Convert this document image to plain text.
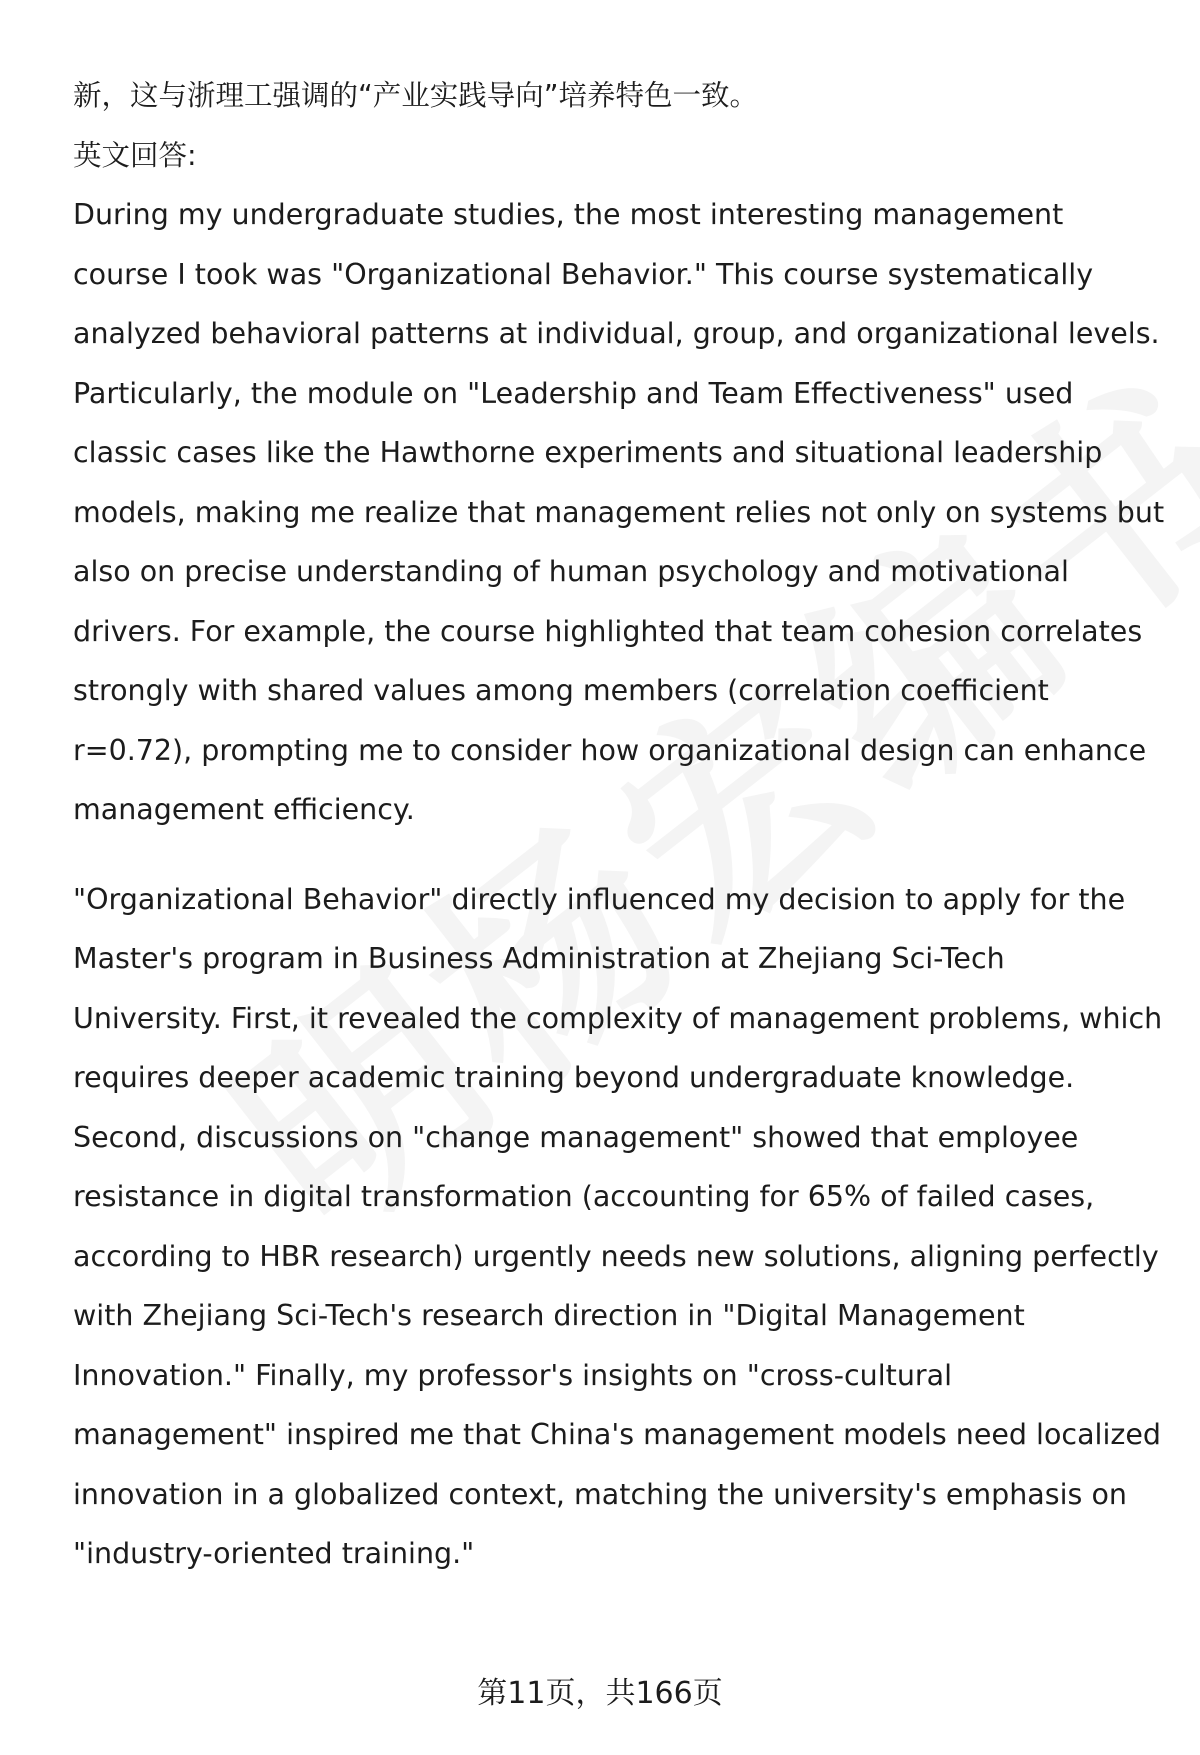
新，这与浙理工强调的“产业实践导向”培养特色一致。

英文回答:

During my undergraduate studies, the most interesting management
course I took was "Organizational Behavior." This course systematically
analyzed behavioral patterns at individual, group, and organizational levels.
Particularly, the module on "Leadership and Team Effectiveness" used
classic cases like the Hawthorne experiments and situational leadership
models, making me realize that management relies not only on systems but
also on precise understanding of human psychology and motivational
drivers. For example, the course highlighted that team cohesion correlates
strongly with shared values among members (correlation coefficient
r=0.72), prompting me to consider how organizational design can enhance
management efficiency.
"Organizational Behavior" directly influenced my decision to apply for the
Master's program in Business Administration at Zhejiang Sci-Tech
University. First, it revealed the complexity of management problems, which
requires deeper academic training beyond undergraduate knowledge.
Second, discussions on "change management" showed that employee
resistance in digital transformation (accounting for 65% of failed cases,
according to HBR research) urgently needs new solutions, aligning perfectly
with Zhejiang Sci-Tech's research direction in "Digital Management
Innovation." Finally, my professor's insights on "cross-cultural
management" inspired me that China's management models need localized
innovation in a globalized context, matching the university's emphasis on
"industry-oriented training."
第11页，共166页
